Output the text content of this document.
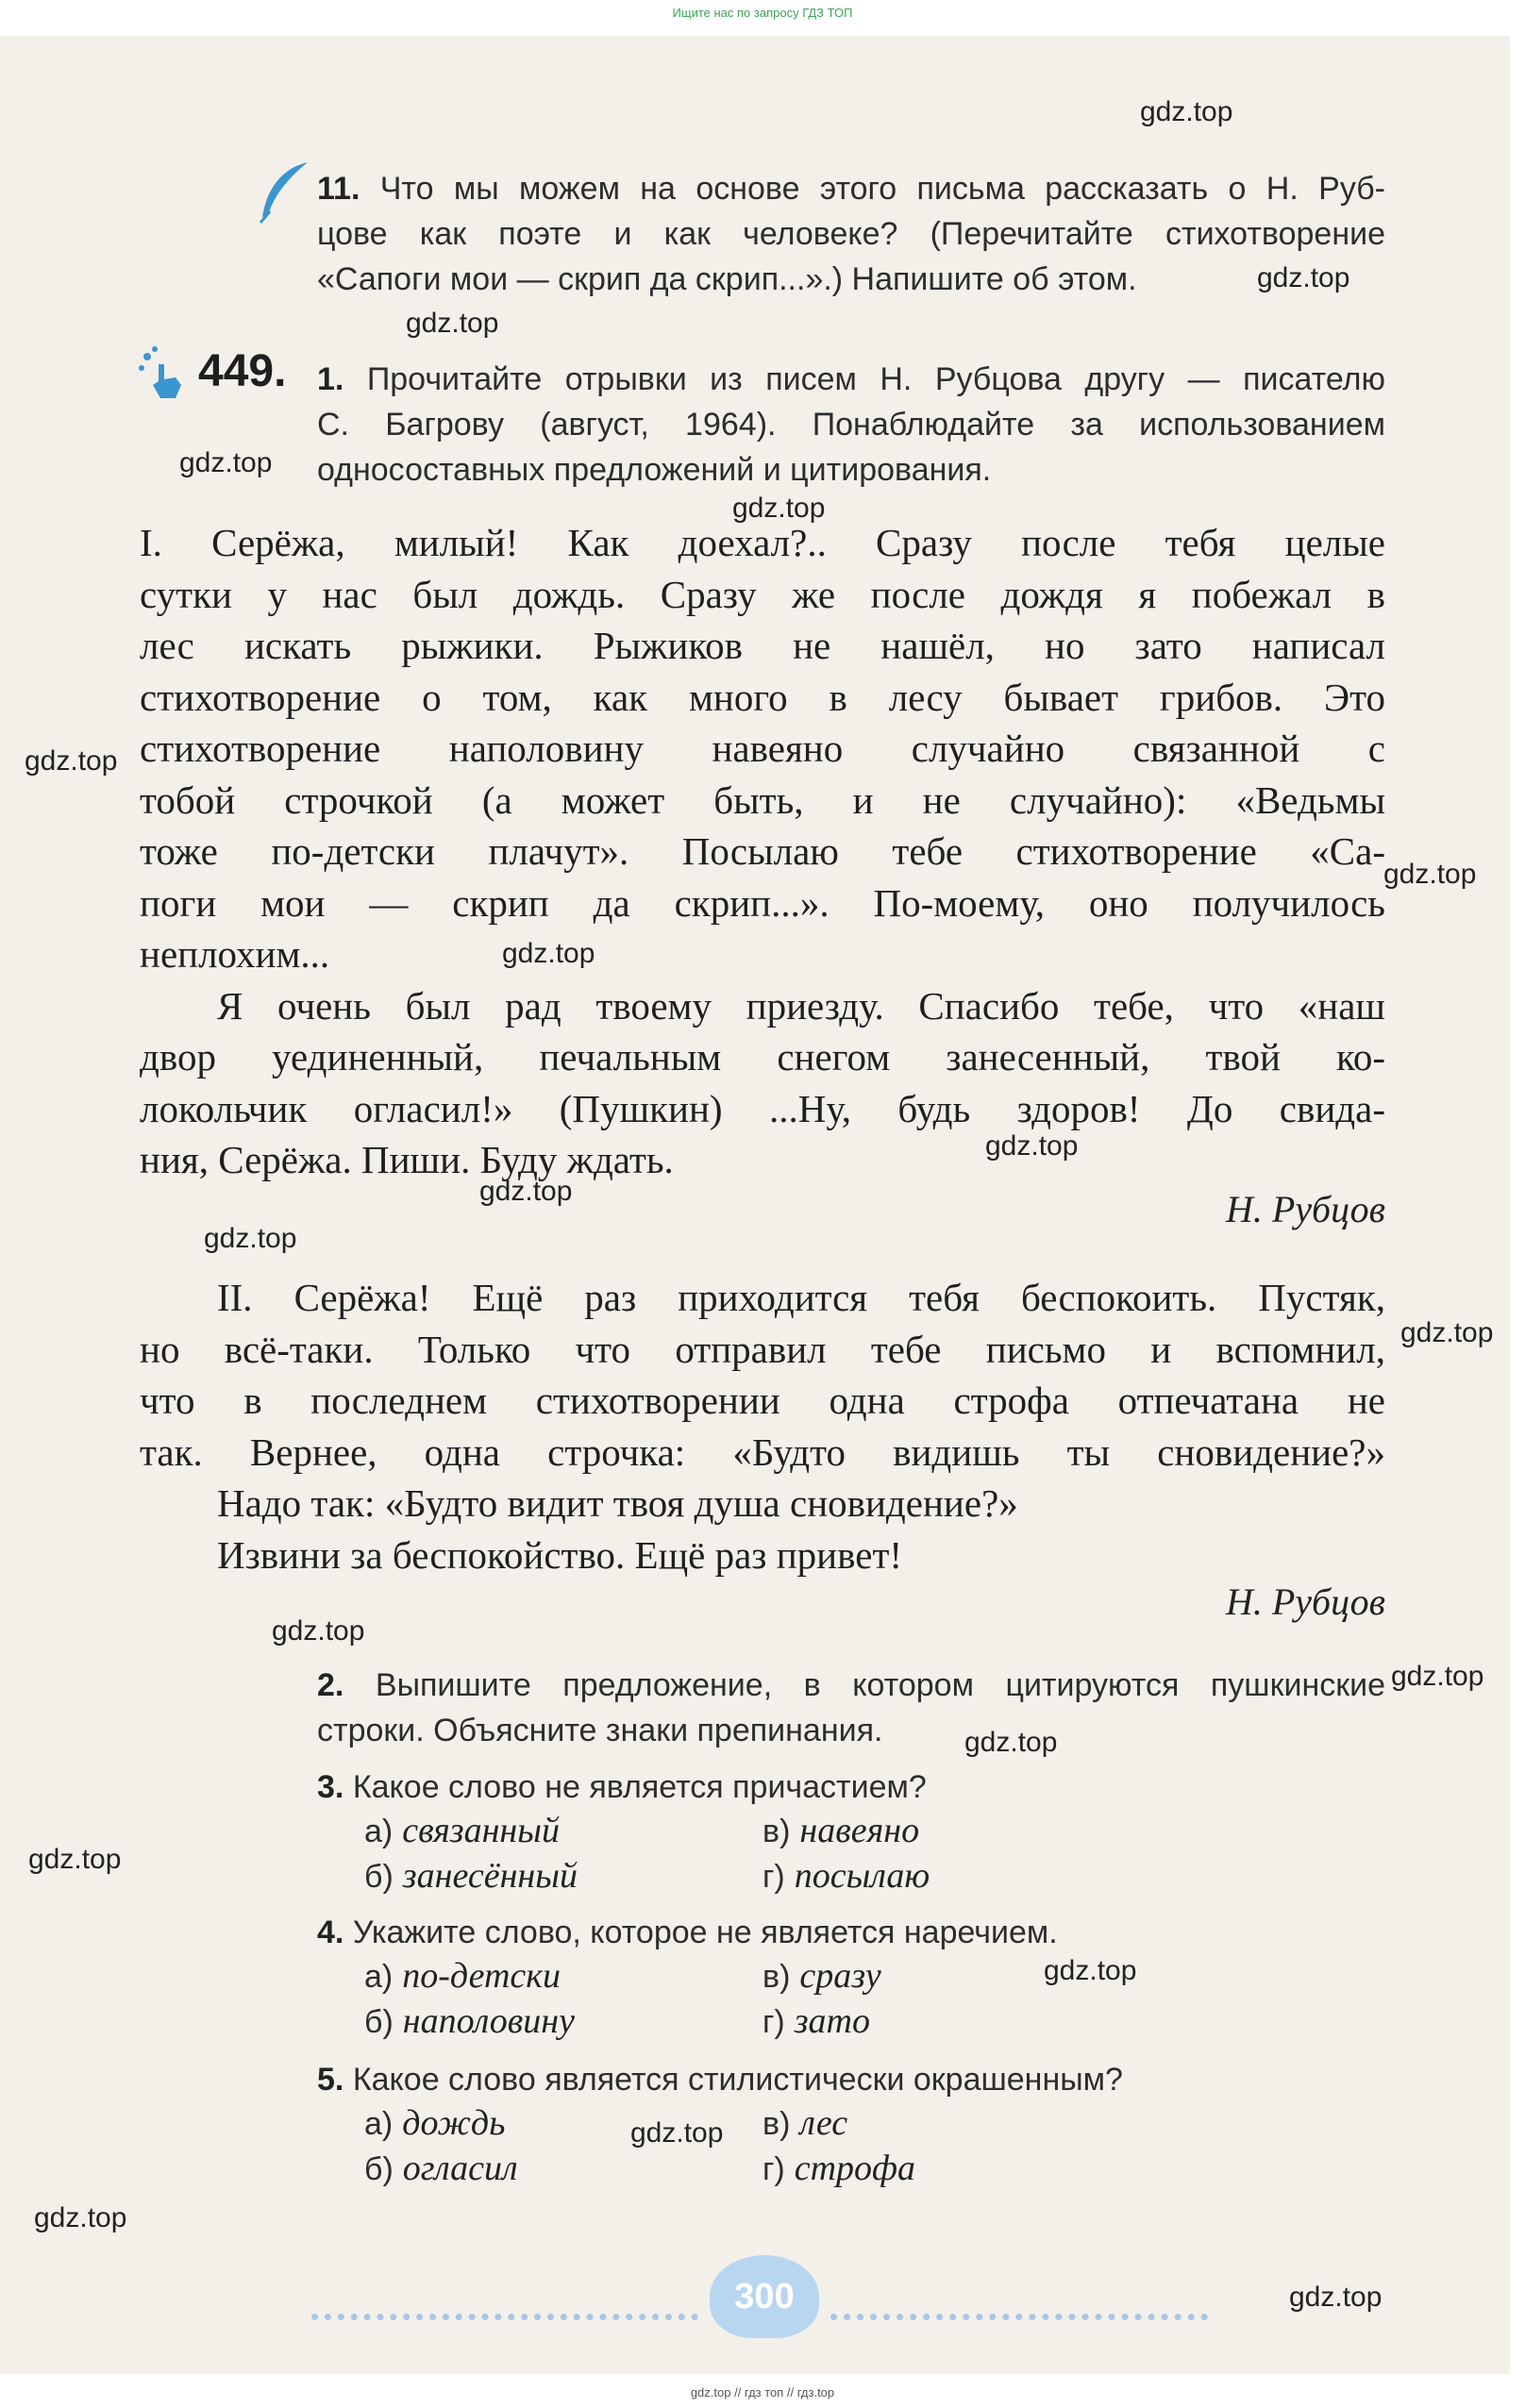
Ищите нас по запросу ГДЗ ТОП
11. Что мы можем на основе этого письма рассказать о Н. Руб-
цове как поэте и как человеке? (Перечитайте стихотворение
«Сапоги мои — скрип да скрип...».) Напишите об этом.
449. 1. Прочитайте отрывки из писем Н. Рубцова другу — писателю
С. Багрову (август, 1964). Понаблюдайте за использованием
односоставных предложений и цитирования.
I. Серёжа, милый! Как доехал?.. Сразу после тебя целые
сутки у нас был дождь. Сразу же после дождя я побежал в
лес искать рыжики. Рыжиков не нашёл, но зато написал
стихотворение о том, как много в лесу бывает грибов. Это
стихотворение наполовину навеяно случайно связанной с
тобой строчкой (а может быть, и не случайно): «Ведьмы
тоже по-детски плачут». Посылаю тебе стихотворение «Са-
поги мои — скрип да скрип...». По-моему, оно получилось
неплохим...
Я очень был рад твоему приезду. Спасибо тебе, что «наш
двор уединенный, печальным снегом занесенный, твой ко-
локольчик огласил!» (Пушкин) ...Ну, будь здоров! До свида-
ния, Серёжа. Пиши. Буду ждать.
Н. Рубцов
II. Серёжа! Ещё раз приходится тебя беспокоить. Пустяк,
но всё-таки. Только что отправил тебе письмо и вспомнил,
что в последнем стихотворении одна строфа отпечатана не
так. Вернее, одна строчка: «Будто видишь ты сновидение?»
Надо так: «Будто видит твоя душа сновидение?»
Извини за беспокойство. Ещё раз привет!
Н. Рубцов
2. Выпишите предложение, в котором цитируются пушкинские
строки. Объясните знаки препинания.
3. Какое слово не является причастием?
а) связанный	в) навеяно
б) занесённый	г) посылаю
4. Укажите слово, которое не является наречием.
а) по-детски	в) сразу
б) наполовину	г) зато
5. Какое слово является стилистически окрашенным?
а) дождь	в) лес
б) огласил	г) строфа
300
gdz.top
gdz.top
gdz.top
gdz.top
gdz.top
gdz.top
gdz.top
gdz.top
gdz.top
gdz.top
gdz.top
gdz.top
gdz.top
gdz.top
gdz.top
gdz.top
gdz.top
gdz.top
gdz.top
gdz.top
gdz.top // гдз топ // гдз.top
